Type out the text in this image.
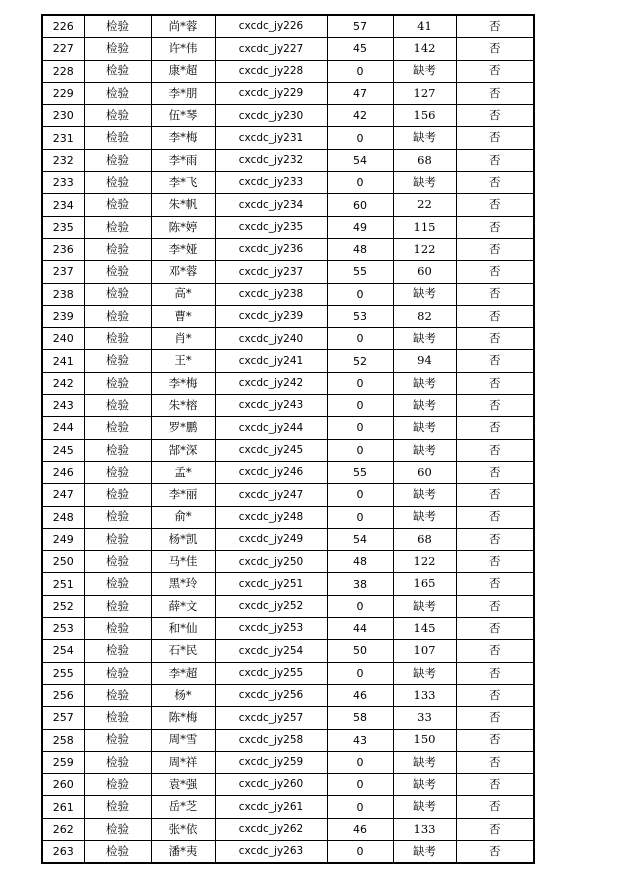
226	检验	尚*蓉	cxcdc_jy226	57	41	否
227	检验	许*伟	cxcdc_jy227	45	142	否
228	检验	康*超	cxcdc_jy228	0	缺考	否
229	检验	李*朋	cxcdc_jy229	47	127	否
230	检验	伍*琴	cxcdc_jy230	42	156	否
231	检验	李*梅	cxcdc_jy231	0	缺考	否
232	检验	李*雨	cxcdc_jy232	54	68	否
233	检验	李*飞	cxcdc_jy233	0	缺考	否
234	检验	朱*帆	cxcdc_jy234	60	22	否
235	检验	陈*婷	cxcdc_jy235	49	115	否
236	检验	李*娅	cxcdc_jy236	48	122	否
237	检验	邓*蓉	cxcdc_jy237	55	60	否
238	检验	高*	cxcdc_jy238	0	缺考	否
239	检验	曹*	cxcdc_jy239	53	82	否
240	检验	肖*	cxcdc_jy240	0	缺考	否
241	检验	王*	cxcdc_jy241	52	94	否
242	检验	李*梅	cxcdc_jy242	0	缺考	否
243	检验	朱*榕	cxcdc_jy243	0	缺考	否
244	检验	罗*鹏	cxcdc_jy244	0	缺考	否
245	检验	郜*深	cxcdc_jy245	0	缺考	否
246	检验	孟*	cxcdc_jy246	55	60	否
247	检验	李*丽	cxcdc_jy247	0	缺考	否
248	检验	俞*	cxcdc_jy248	0	缺考	否
249	检验	杨*凯	cxcdc_jy249	54	68	否
250	检验	马*佳	cxcdc_jy250	48	122	否
251	检验	黑*玲	cxcdc_jy251	38	165	否
252	检验	薛*文	cxcdc_jy252	0	缺考	否
253	检验	和*仙	cxcdc_jy253	44	145	否
254	检验	石*民	cxcdc_jy254	50	107	否
255	检验	李*超	cxcdc_jy255	0	缺考	否
256	检验	杨*	cxcdc_jy256	46	133	否
257	检验	陈*梅	cxcdc_jy257	58	33	否
258	检验	周*雪	cxcdc_jy258	43	150	否
259	检验	周*祥	cxcdc_jy259	0	缺考	否
260	检验	袁*强	cxcdc_jy260	0	缺考	否
261	检验	岳*芝	cxcdc_jy261	0	缺考	否
262	检验	张*依	cxcdc_jy262	46	133	否
263	检验	潘*夷	cxcdc_jy263	0	缺考	否
